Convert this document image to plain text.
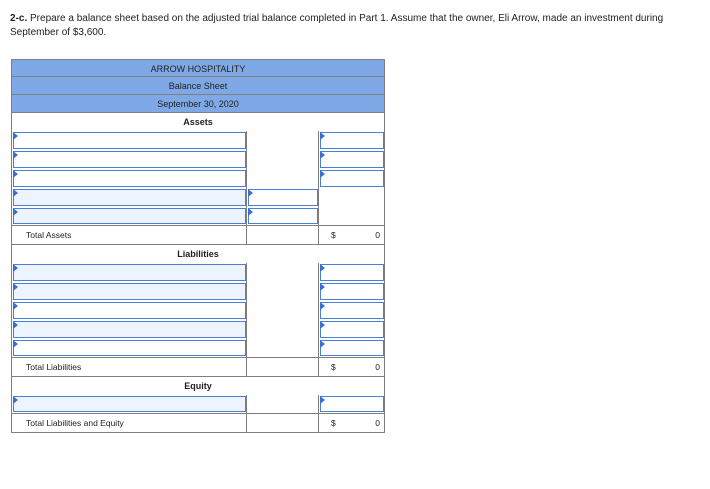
2-c. Prepare a balance sheet based on the adjusted trial balance completed in Part 1. Assume that the owner, Eli Arrow, made an investment during September of $3,600.
ARROW HOSPITALITY
Balance Sheet
September 30, 2020
Assets
Total Assets	$	0
Liabilities
Total Liabilities	$	0
Equity
Total Liabilities and Equity	$	0
